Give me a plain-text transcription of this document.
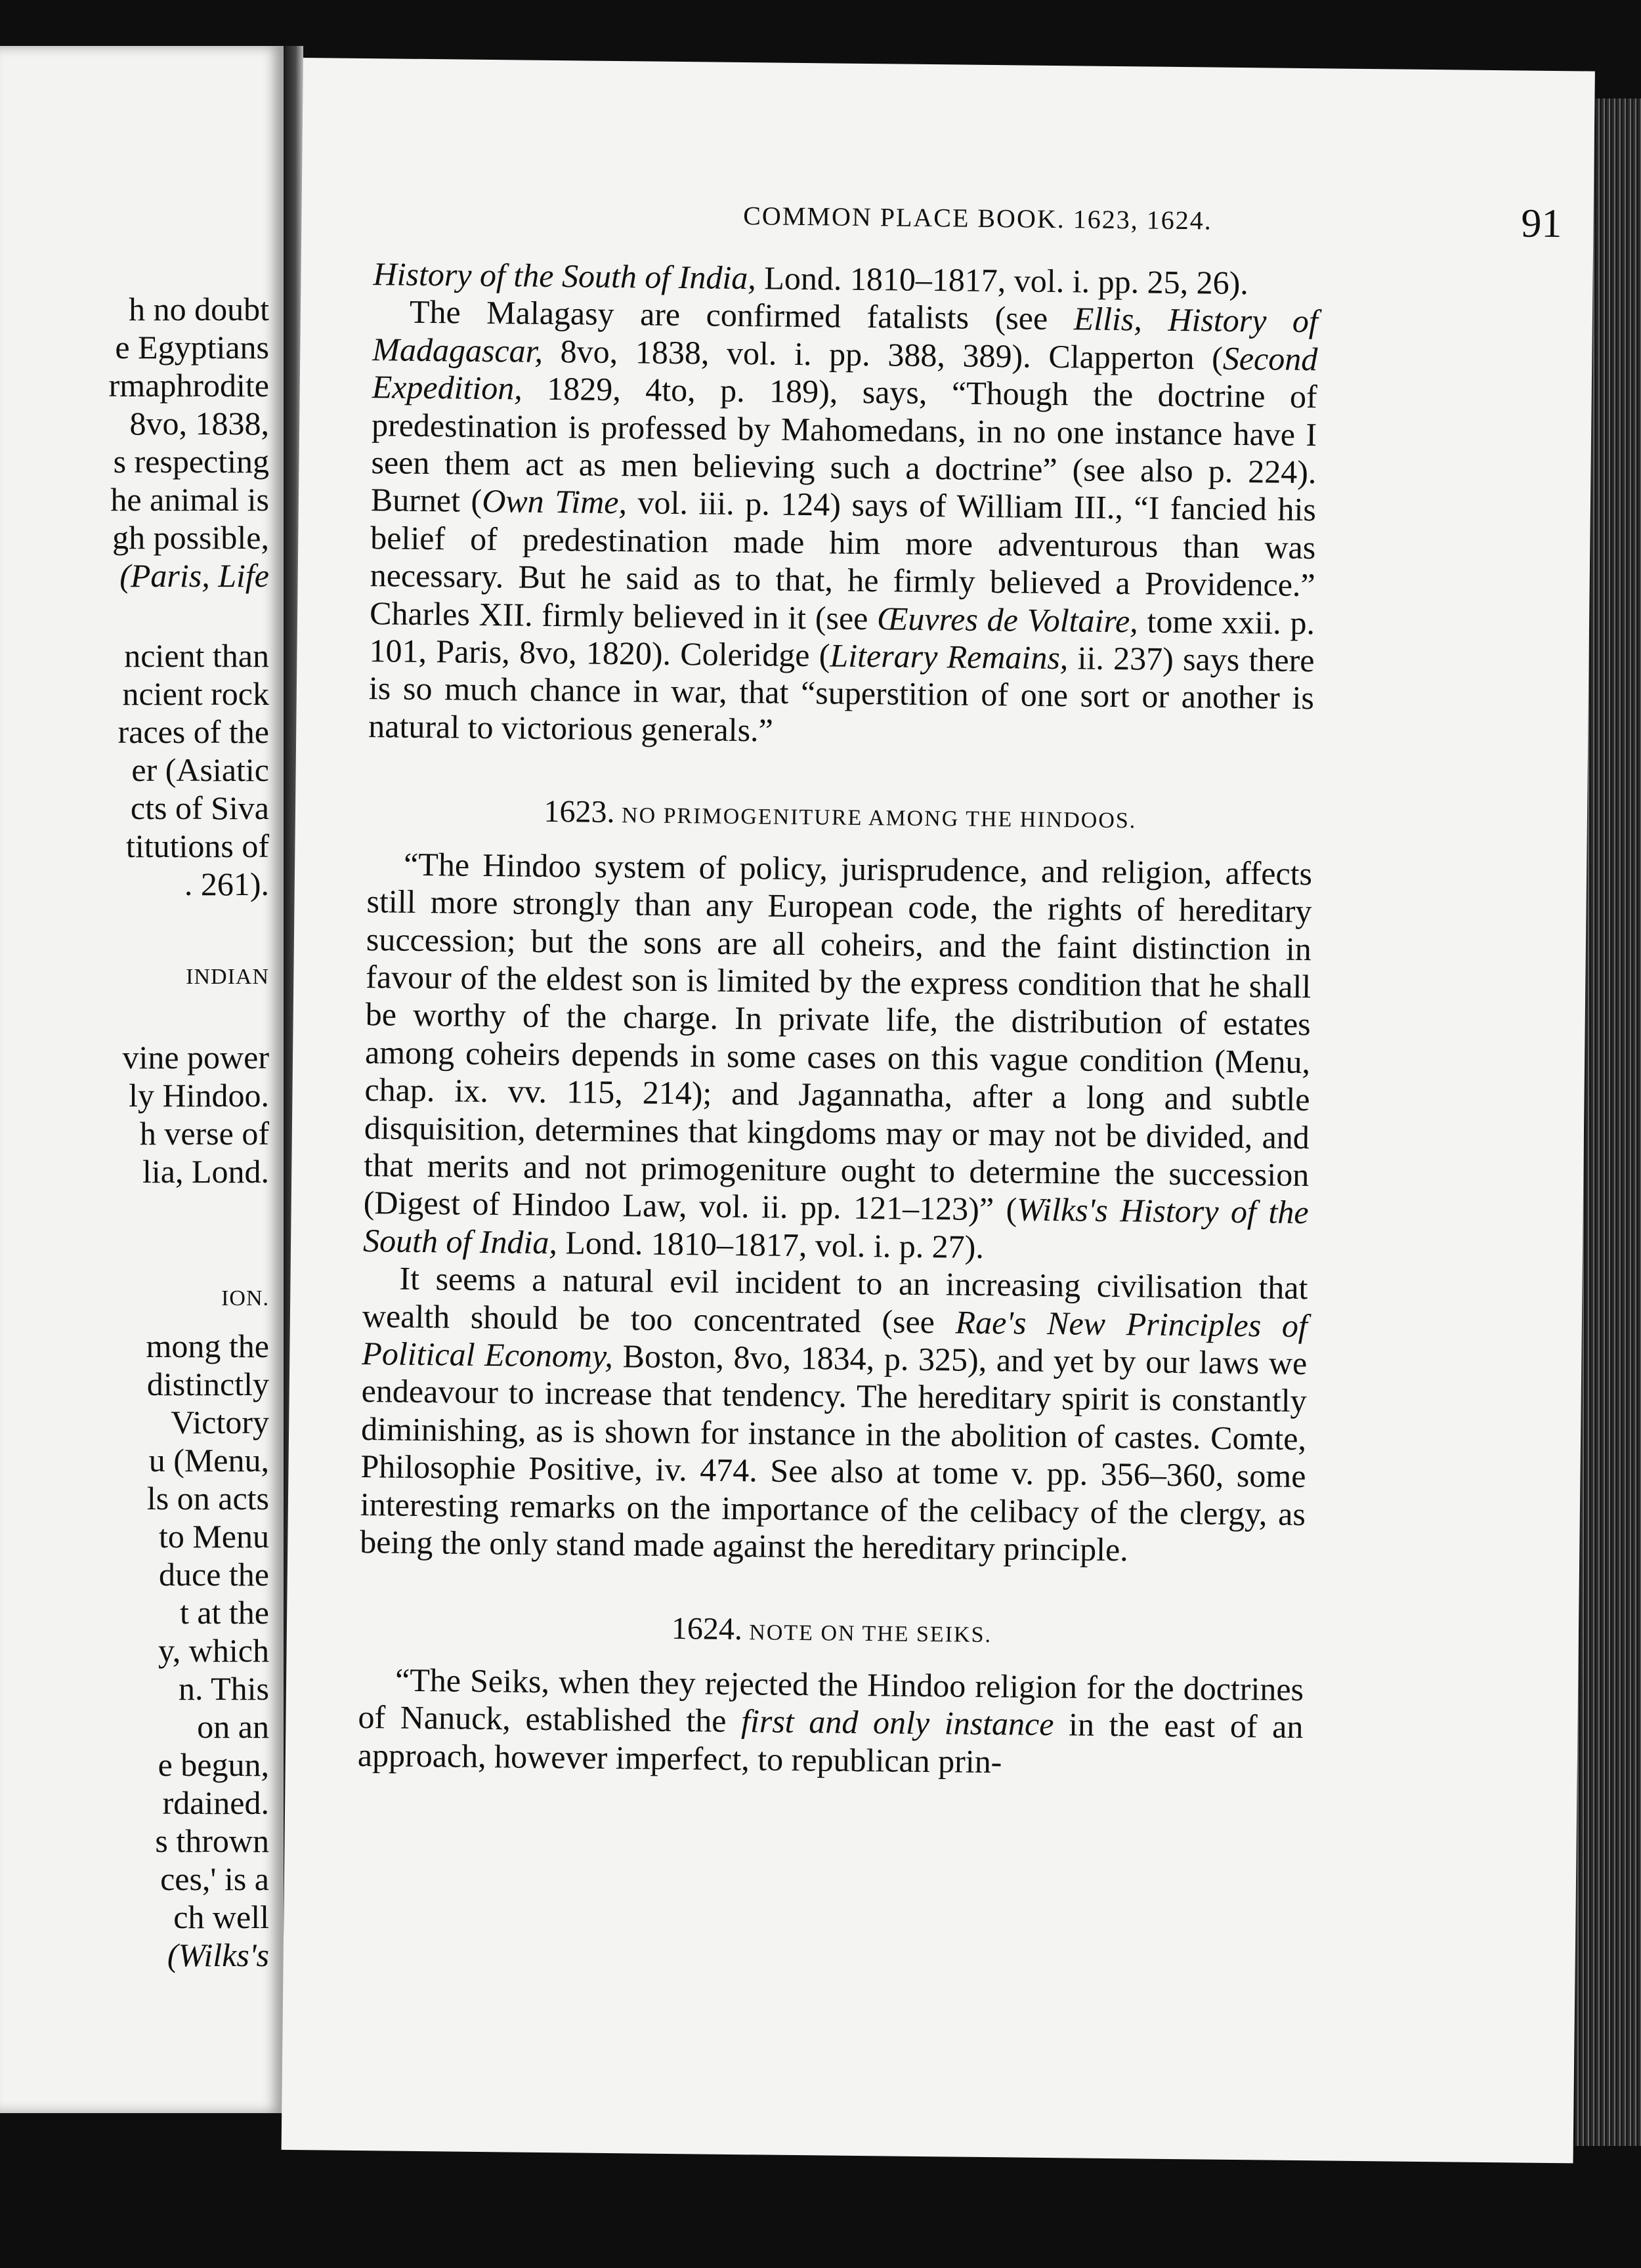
h no doubt
e Egyptians
rmaphrodite
8vo, 1838,
s respecting
he animal is
gh possible,
(Paris, Life
ncient than
ncient rock
races of the
er (Asiatic
cts of Siva
titutions of
. 261).
INDIAN
vine power
ly Hindoo.
h verse of
lia, Lond.
ION.
mong the
distinctly
Victory
u (Menu,
ls on acts
to Menu
duce the
t at the
y, which
n. This
on an
e begun,
rdained.
s thrown
ces,' is a
ch well
(Wilks's
COMMON PLACE BOOK. 1623, 1624.	91

History of the South of India, Lond. 1810–1817, vol. i. pp. 25, 26).

The Malagasy are confirmed fatalists (see Ellis, History of Madagascar, 8vo, 1838, vol. i. pp. 388, 389). Clapperton (Second Expedition, 1829, 4to, p. 189), says, “Though the doctrine of predestination is professed by Mahomedans, in no one instance have I seen them act as men believing such a doctrine” (see also p. 224). Burnet (Own Time, vol. iii. p. 124) says of William III., “I fancied his belief of predestination made him more adventurous than was necessary. But he said as to that, he firmly believed a Providence.” Charles XII. firmly believed in it (see Œuvres de Voltaire, tome xxii. p. 101, Paris, 8vo, 1820). Coleridge (Literary Remains, ii. 237) says there is so much chance in war, that “superstition of one sort or another is natural to victorious generals.”

1623. NO PRIMOGENITURE AMONG THE HINDOOS.

“The Hindoo system of policy, jurisprudence, and religion, affects still more strongly than any European code, the rights of hereditary succession; but the sons are all coheirs, and the faint distinction in favour of the eldest son is limited by the express condition that he shall be worthy of the charge. In private life, the distribution of estates among coheirs depends in some cases on this vague condition (Menu, chap. ix. vv. 115, 214); and Jagannatha, after a long and subtle disquisition, determines that kingdoms may or may not be divided, and that merits and not primogeniture ought to determine the succession (Digest of Hindoo Law, vol. ii. pp. 121–123)” (Wilks's History of the South of India, Lond. 1810–1817, vol. i. p. 27).

It seems a natural evil incident to an increasing civilisation that wealth should be too concentrated (see Rae's New Principles of Political Economy, Boston, 8vo, 1834, p. 325), and yet by our laws we endeavour to increase that tendency. The hereditary spirit is constantly diminishing, as is shown for instance in the abolition of castes. Comte, Philosophie Positive, iv. 474. See also at tome v. pp. 356–360, some interesting remarks on the importance of the celibacy of the clergy, as being the only stand made against the hereditary principle.

1624. NOTE ON THE SEIKS.

“The Seiks, when they rejected the Hindoo religion for the doctrines of Nanuck, established the first and only instance in the east of an approach, however imperfect, to republican prin-
